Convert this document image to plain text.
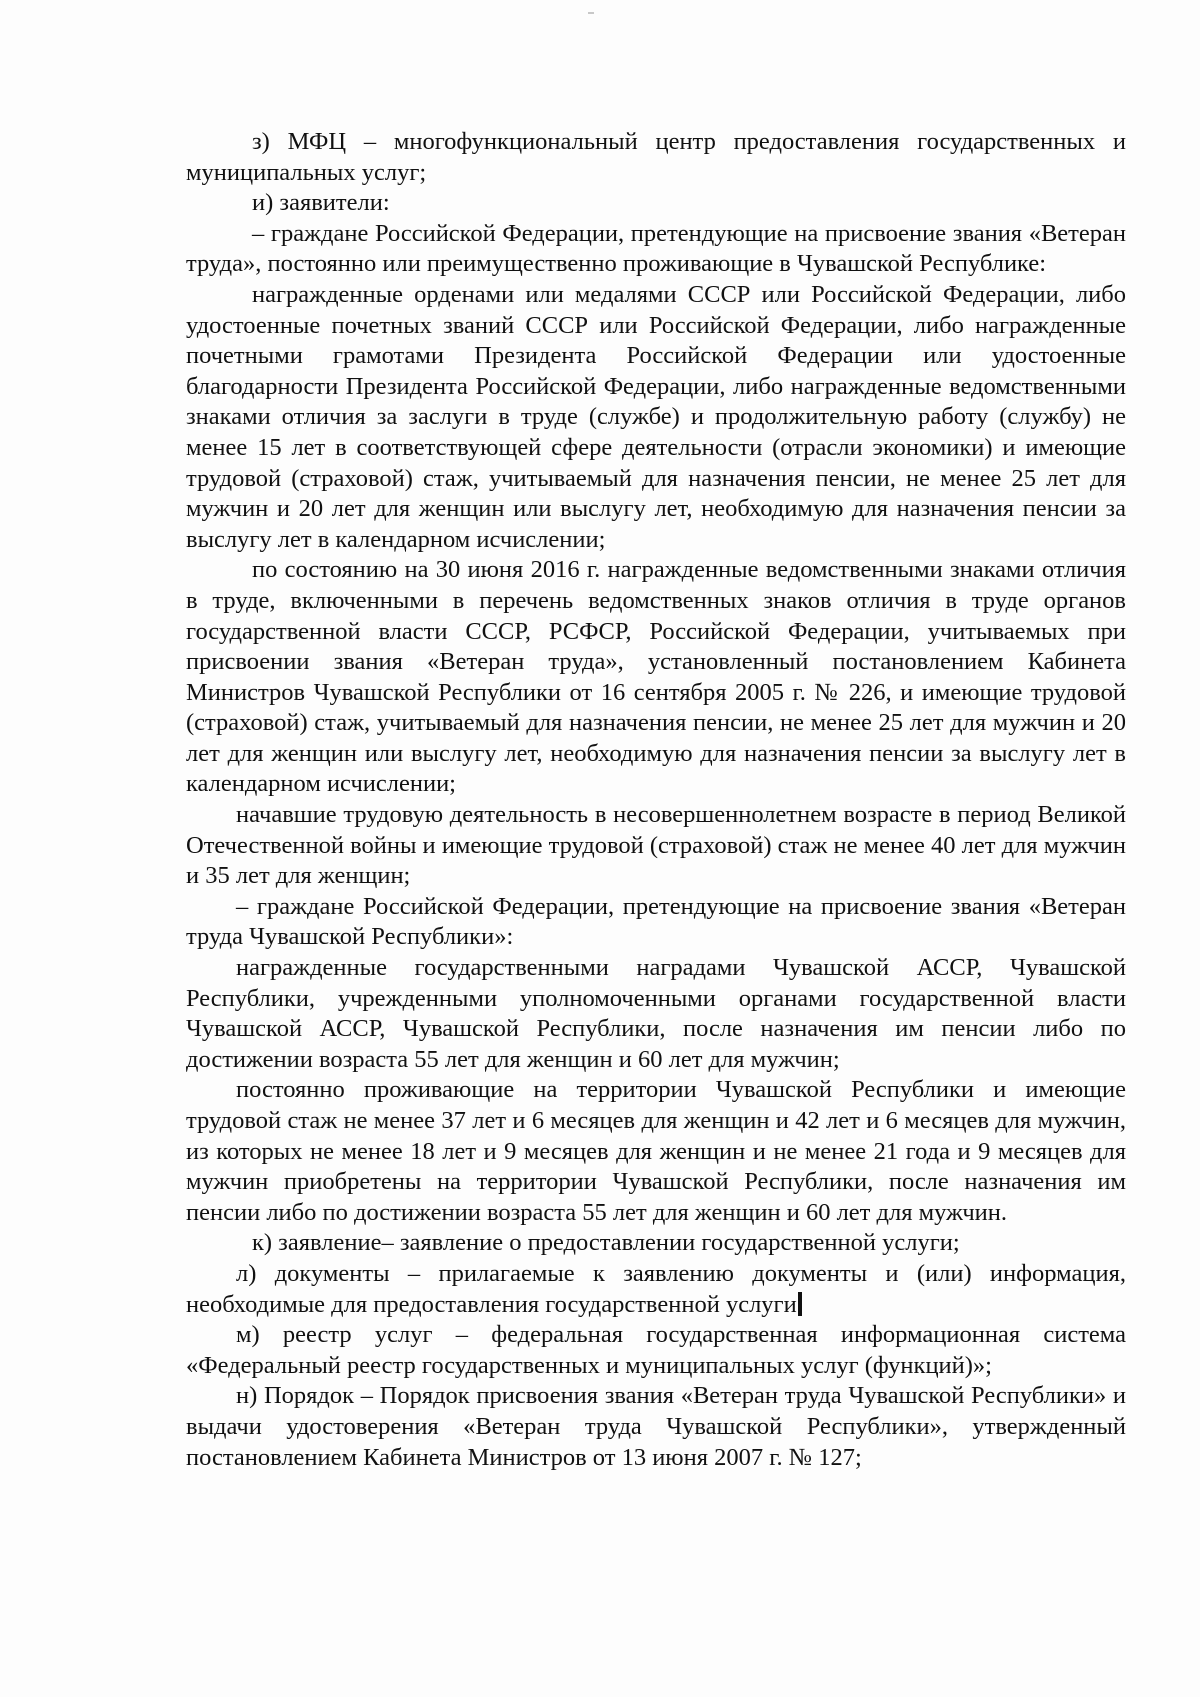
з) МФЦ – многофункциональный центр предоставления государственных и муниципальных услуг;

и) заявители:

– граждане Российской Федерации, претендующие на присвоение звания «Ветеран труда», постоянно или преимущественно проживающие в Чувашской Республике:

награжденные орденами или медалями СССР или Российской Федерации, либо удостоенные почетных званий СССР или Российской Федерации, либо награжденные почетными грамотами Президента Российской Федерации или удостоенные благодарности Президента Российской Федерации, либо награжденные ведомственными знаками отличия за заслуги в труде (службе) и продолжительную работу (службу) не менее 15 лет в соответствующей сфере деятельности (отрасли экономики) и имеющие трудовой (страховой) стаж, учитываемый для назначения пенсии, не менее 25 лет для мужчин и 20 лет для женщин или выслугу лет, необходимую для назначения пенсии за выслугу лет в календарном исчислении;

по состоянию на 30 июня 2016 г. награжденные ведомственными знаками отличия в труде, включенными в перечень ведомственных знаков отличия в труде органов государственной власти СССР, РСФСР, Российской Федерации, учитываемых при присвоении звания «Ветеран труда», установленный постановлением Кабинета Министров Чувашской Республики от 16 сентября 2005 г. № 226, и имеющие трудовой (страховой) стаж, учитываемый для назначения пенсии, не менее 25 лет для мужчин и 20 лет для женщин или выслугу лет, необходимую для назначения пенсии за выслугу лет в календарном исчислении;

начавшие трудовую деятельность в несовершеннолетнем возрасте в период Великой Отечественной войны и имеющие трудовой (страховой) стаж не менее 40 лет для мужчин и 35 лет для женщин;

– граждане Российской Федерации, претендующие на присвоение звания «Ветеран труда Чувашской Республики»:

награжденные государственными наградами Чувашской АССР, Чувашской Республики, учрежденными уполномоченными органами государственной власти Чувашской АССР, Чувашской Республики, после назначения им пенсии либо по достижении возраста 55 лет для женщин и 60 лет для мужчин;

постоянно проживающие на территории Чувашской Республики и имеющие трудовой стаж не менее 37 лет и 6 месяцев для женщин и 42 лет и 6 месяцев для мужчин, из которых не менее 18 лет и 9 месяцев для женщин и не менее 21 года и 9 месяцев для мужчин приобретены на территории Чувашской Республики, после назначения им пенсии либо по достижении возраста 55 лет для женщин и 60 лет для мужчин.

к) заявление– заявление о предоставлении государственной услуги;

л) документы – прилагаемые к заявлению документы и (или) информация, необходимые для предоставления государственной услуги

м) реестр услуг – федеральная государственная информационная система «Федеральный реестр государственных и муниципальных услуг (функций)»;

н) Порядок – Порядок присвоения звания «Ветеран труда Чувашской Республики» и выдачи удостоверения «Ветеран труда Чувашской Республики», утвержденный постановлением Кабинета Министров от 13 июня 2007 г. № 127;
